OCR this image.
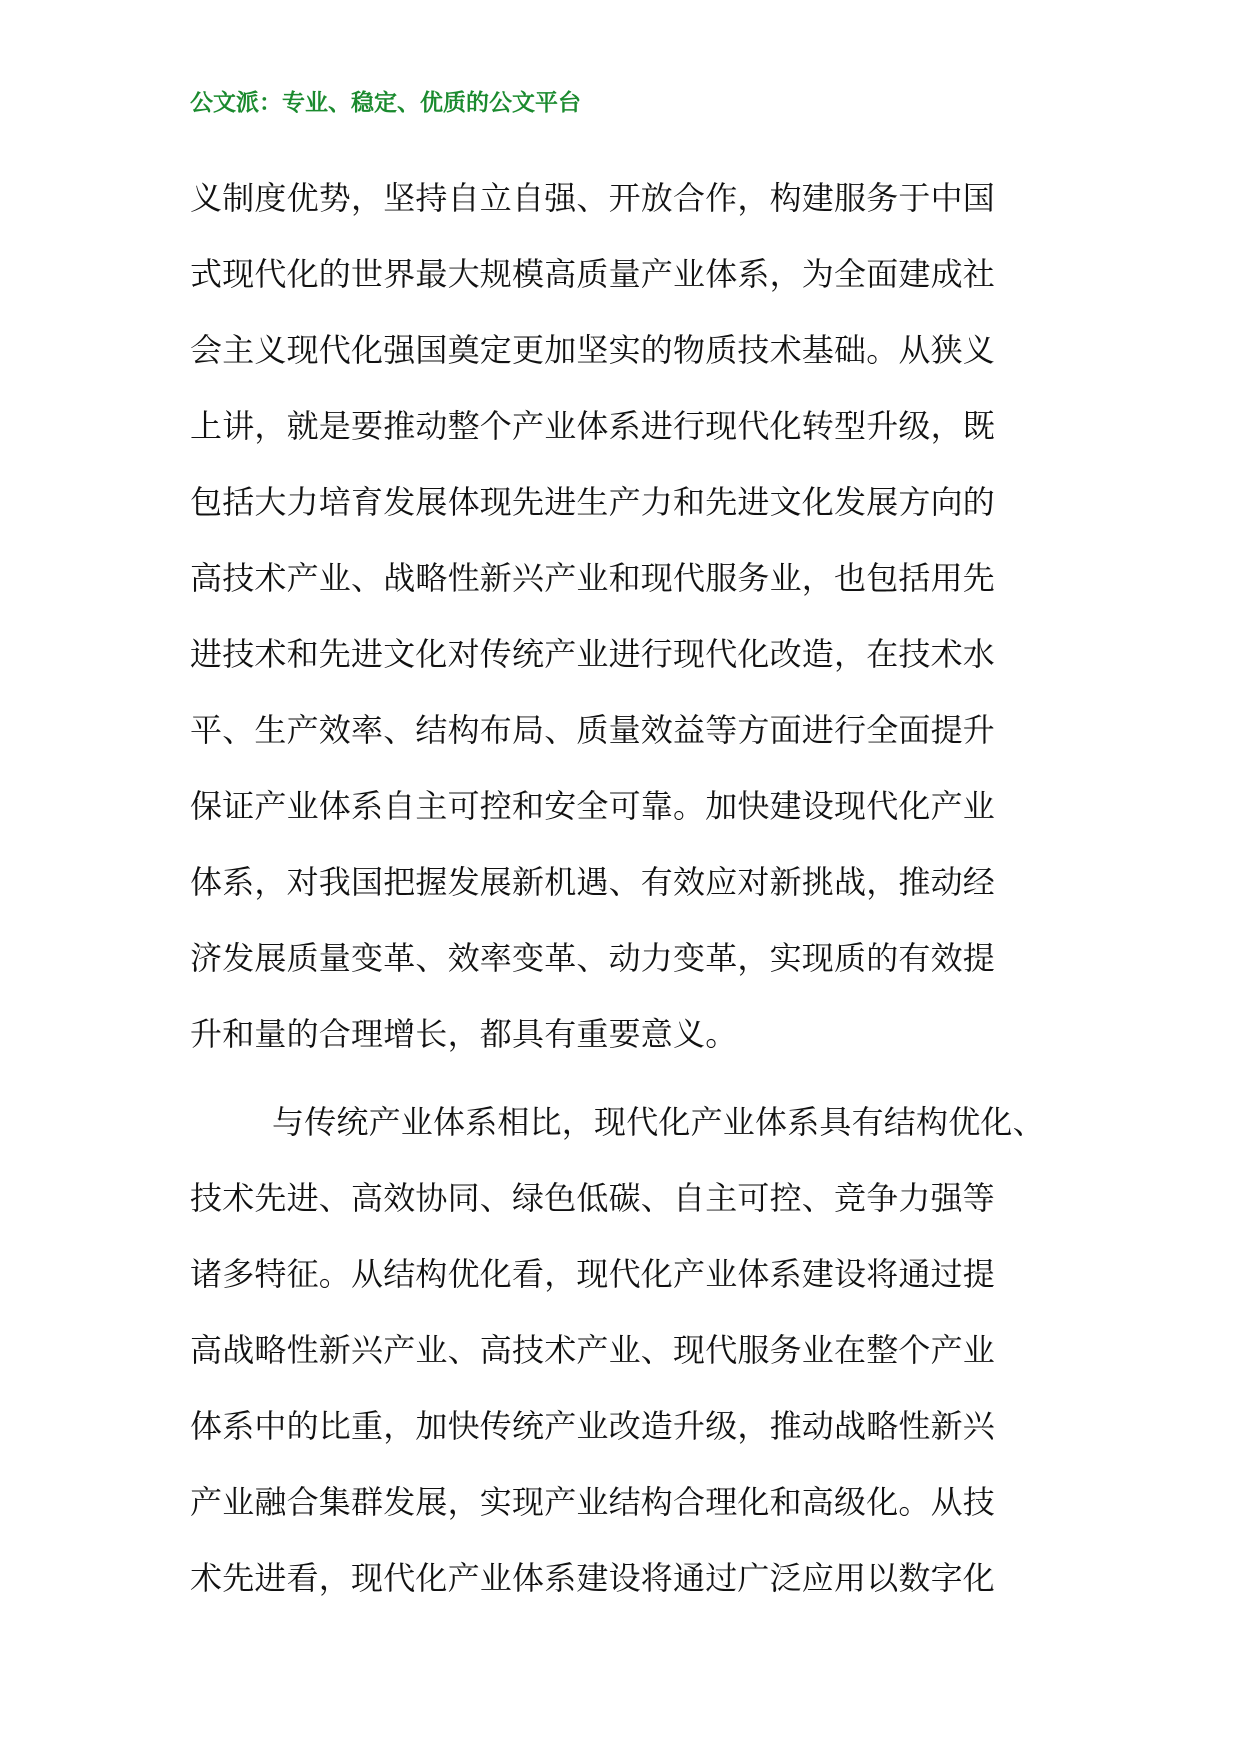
公文派：专业、稳定、优质的公文平台
义制度优势，坚持自立自强、开放合作，构建服务于中国
式现代化的世界最大规模高质量产业体系，为全面建成社
会主义现代化强国奠定更加坚实的物质技术基础。从狭义
上讲，就是要推动整个产业体系进行现代化转型升级，既
包括大力培育发展体现先进生产力和先进文化发展方向的
高技术产业、战略性新兴产业和现代服务业，也包括用先
进技术和先进文化对传统产业进行现代化改造，在技术水
平、生产效率、结构布局、质量效益等方面进行全面提升
保证产业体系自主可控和安全可靠。加快建设现代化产业
体系，对我国把握发展新机遇、有效应对新挑战，推动经
济发展质量变革、效率变革、动力变革，实现质的有效提
升和量的合理增长，都具有重要意义。
与传统产业体系相比，现代化产业体系具有结构优化、
技术先进、高效协同、绿色低碳、自主可控、竞争力强等
诸多特征。从结构优化看，现代化产业体系建设将通过提
高战略性新兴产业、高技术产业、现代服务业在整个产业
体系中的比重，加快传统产业改造升级，推动战略性新兴
产业融合集群发展，实现产业结构合理化和高级化。从技
术先进看，现代化产业体系建设将通过广泛应用以数字化
